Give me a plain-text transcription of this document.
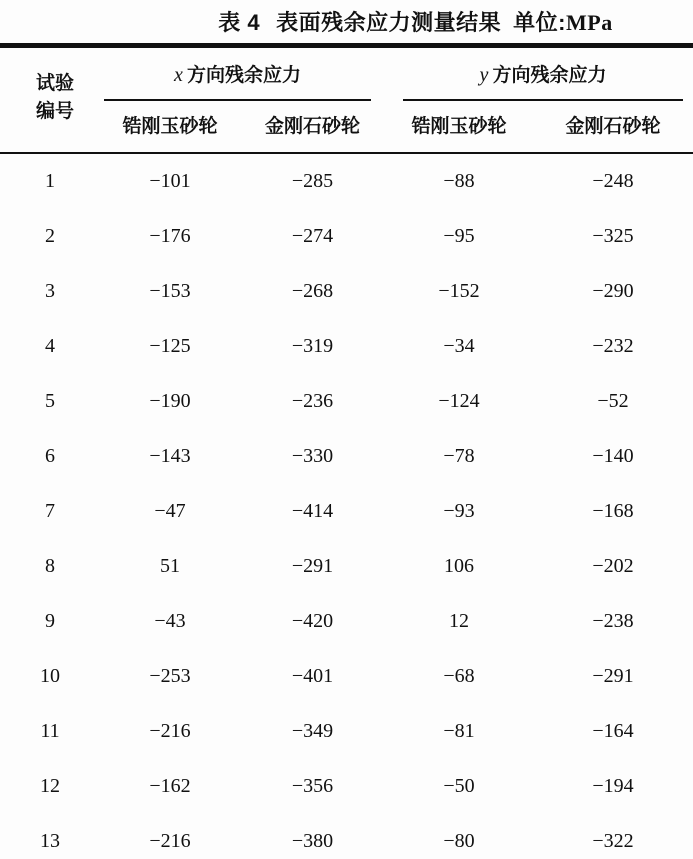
表 4 表面残余应力测量结果 单位:MPa
试验
编号	x 方向残余应力		y 方向残余应力	

	锆刚玉砂轮	金刚石砂轮	锆刚玉砂轮	金刚石砂轮
1	−101	−285	−88	−248
2	−176	−274	−95	−325
3	−153	−268	−152	−290
4	−125	−319	−34	−232
5	−190	−236	−124	−52
6	−143	−330	−78	−140
7	−47	−414	−93	−168
8	51	−291	106	−202
9	−43	−420	12	−238
10	−253	−401	−68	−291
11	−216	−349	−81	−164
12	−162	−356	−50	−194
13	−216	−380	−80	−322
